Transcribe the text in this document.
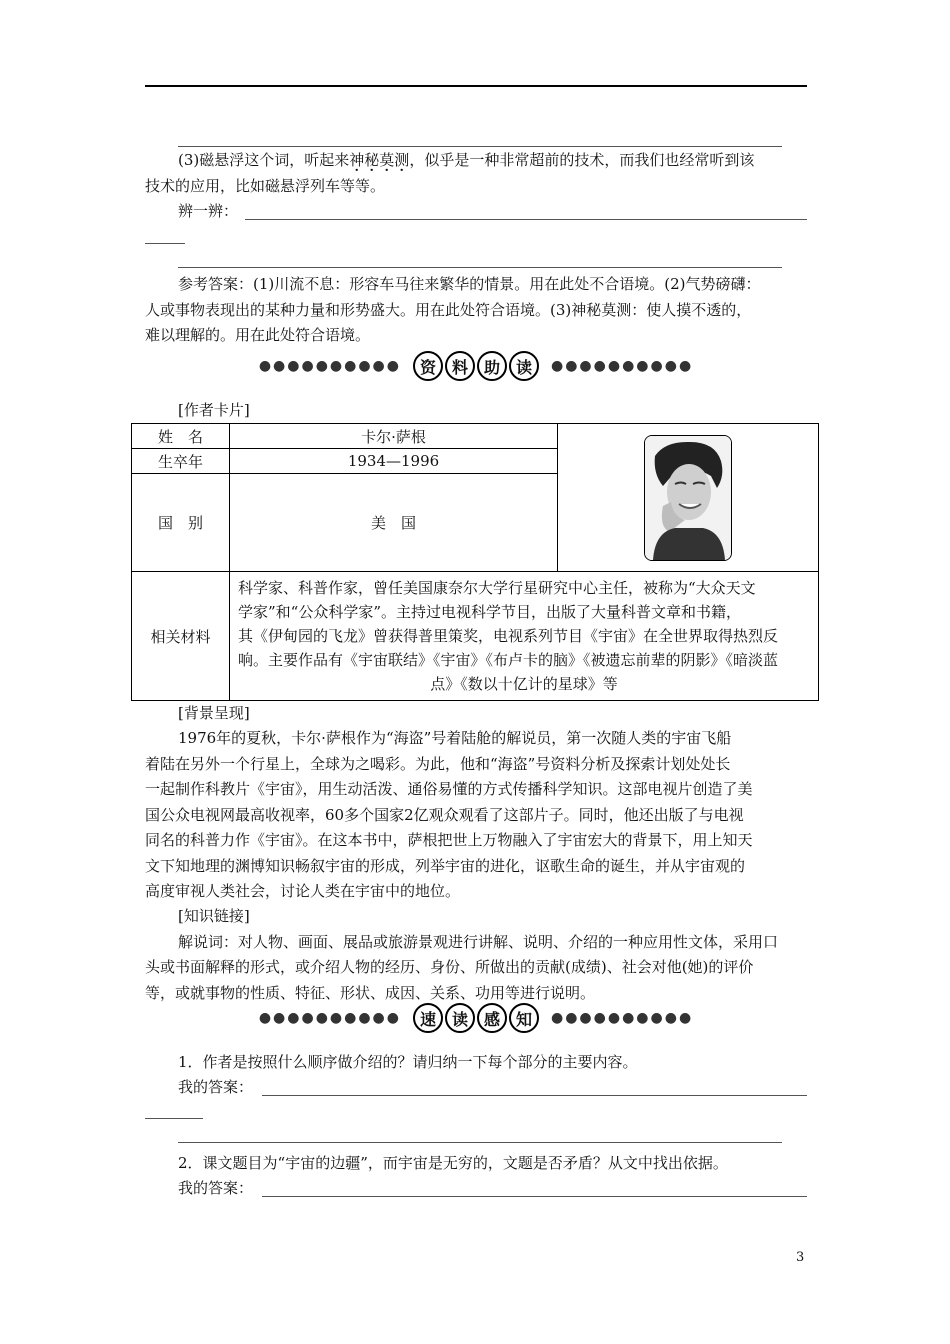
(3)磁悬浮这个词，听起来神秘莫测，似乎是一种非常超前的技术，而我们也经常听到该
技术的应用，比如磁悬浮列车等等。
辨一辨：
参考答案：(1)川流不息：形容车马往来繁华的情景。用在此处不合语境。(2)气势磅礴：
人或事物表现出的某种力量和形势盛大。用在此处符合语境。(3)神秘莫测：使人摸不透的，
难以理解的。用在此处符合语境。
●●●●●●●●●●	资 料 助 读	●●●●●●●●●●
[作者卡片]
姓　名	卡尔·萨根	

生卒年	1934—1996	
国　别	美　国	
相关材料	科学家、科普作家，曾任美国康奈尔大学行星研究中心主任，被称为“大众天文
学家”和“公众科学家”。主持过电视科学节目，出版了大量科普文章和书籍，
其《伊甸园的飞龙》曾获得普里策奖，电视系列节目《宇宙》在全世界取得热烈反
响。主要作品有《宇宙联结》《宇宙》《布卢卡的脑》《被遗忘前辈的阴影》《暗淡蓝
点》《数以十亿计的星球》等	
[背景呈现]
1976年的夏秋，卡尔·萨根作为“海盗”号着陆舱的解说员，第一次随人类的宇宙飞船
着陆在另外一个行星上，全球为之喝彩。为此，他和“海盗”号资料分析及探索计划处处长
一起制作科教片《宇宙》，用生动活泼、通俗易懂的方式传播科学知识。这部电视片创造了美
国公众电视网最高收视率，60多个国家2亿观众观看了这部片子。同时，他还出版了与电视
同名的科普力作《宇宙》。在这本书中，萨根把世上万物融入了宇宙宏大的背景下，用上知天
文下知地理的渊博知识畅叙宇宙的形成，列举宇宙的进化，讴歌生命的诞生，并从宇宙观的
高度审视人类社会，讨论人类在宇宙中的地位。
[知识链接]
解说词：对人物、画面、展品或旅游景观进行讲解、说明、介绍的一种应用性文体，采用口
头或书面解释的形式，或介绍人物的经历、身份、所做出的贡献(成绩)、社会对他(她)的评价
等，或就事物的性质、特征、形状、成因、关系、功用等进行说明。
●●●●●●●●●●	速 读 感 知	●●●●●●●●●●
1．作者是按照什么顺序做介绍的？请归纳一下每个部分的主要内容。
我的答案：
2．课文题目为“宇宙的边疆”，而宇宙是无穷的，文题是否矛盾？从文中找出依据。
我的答案：
3
